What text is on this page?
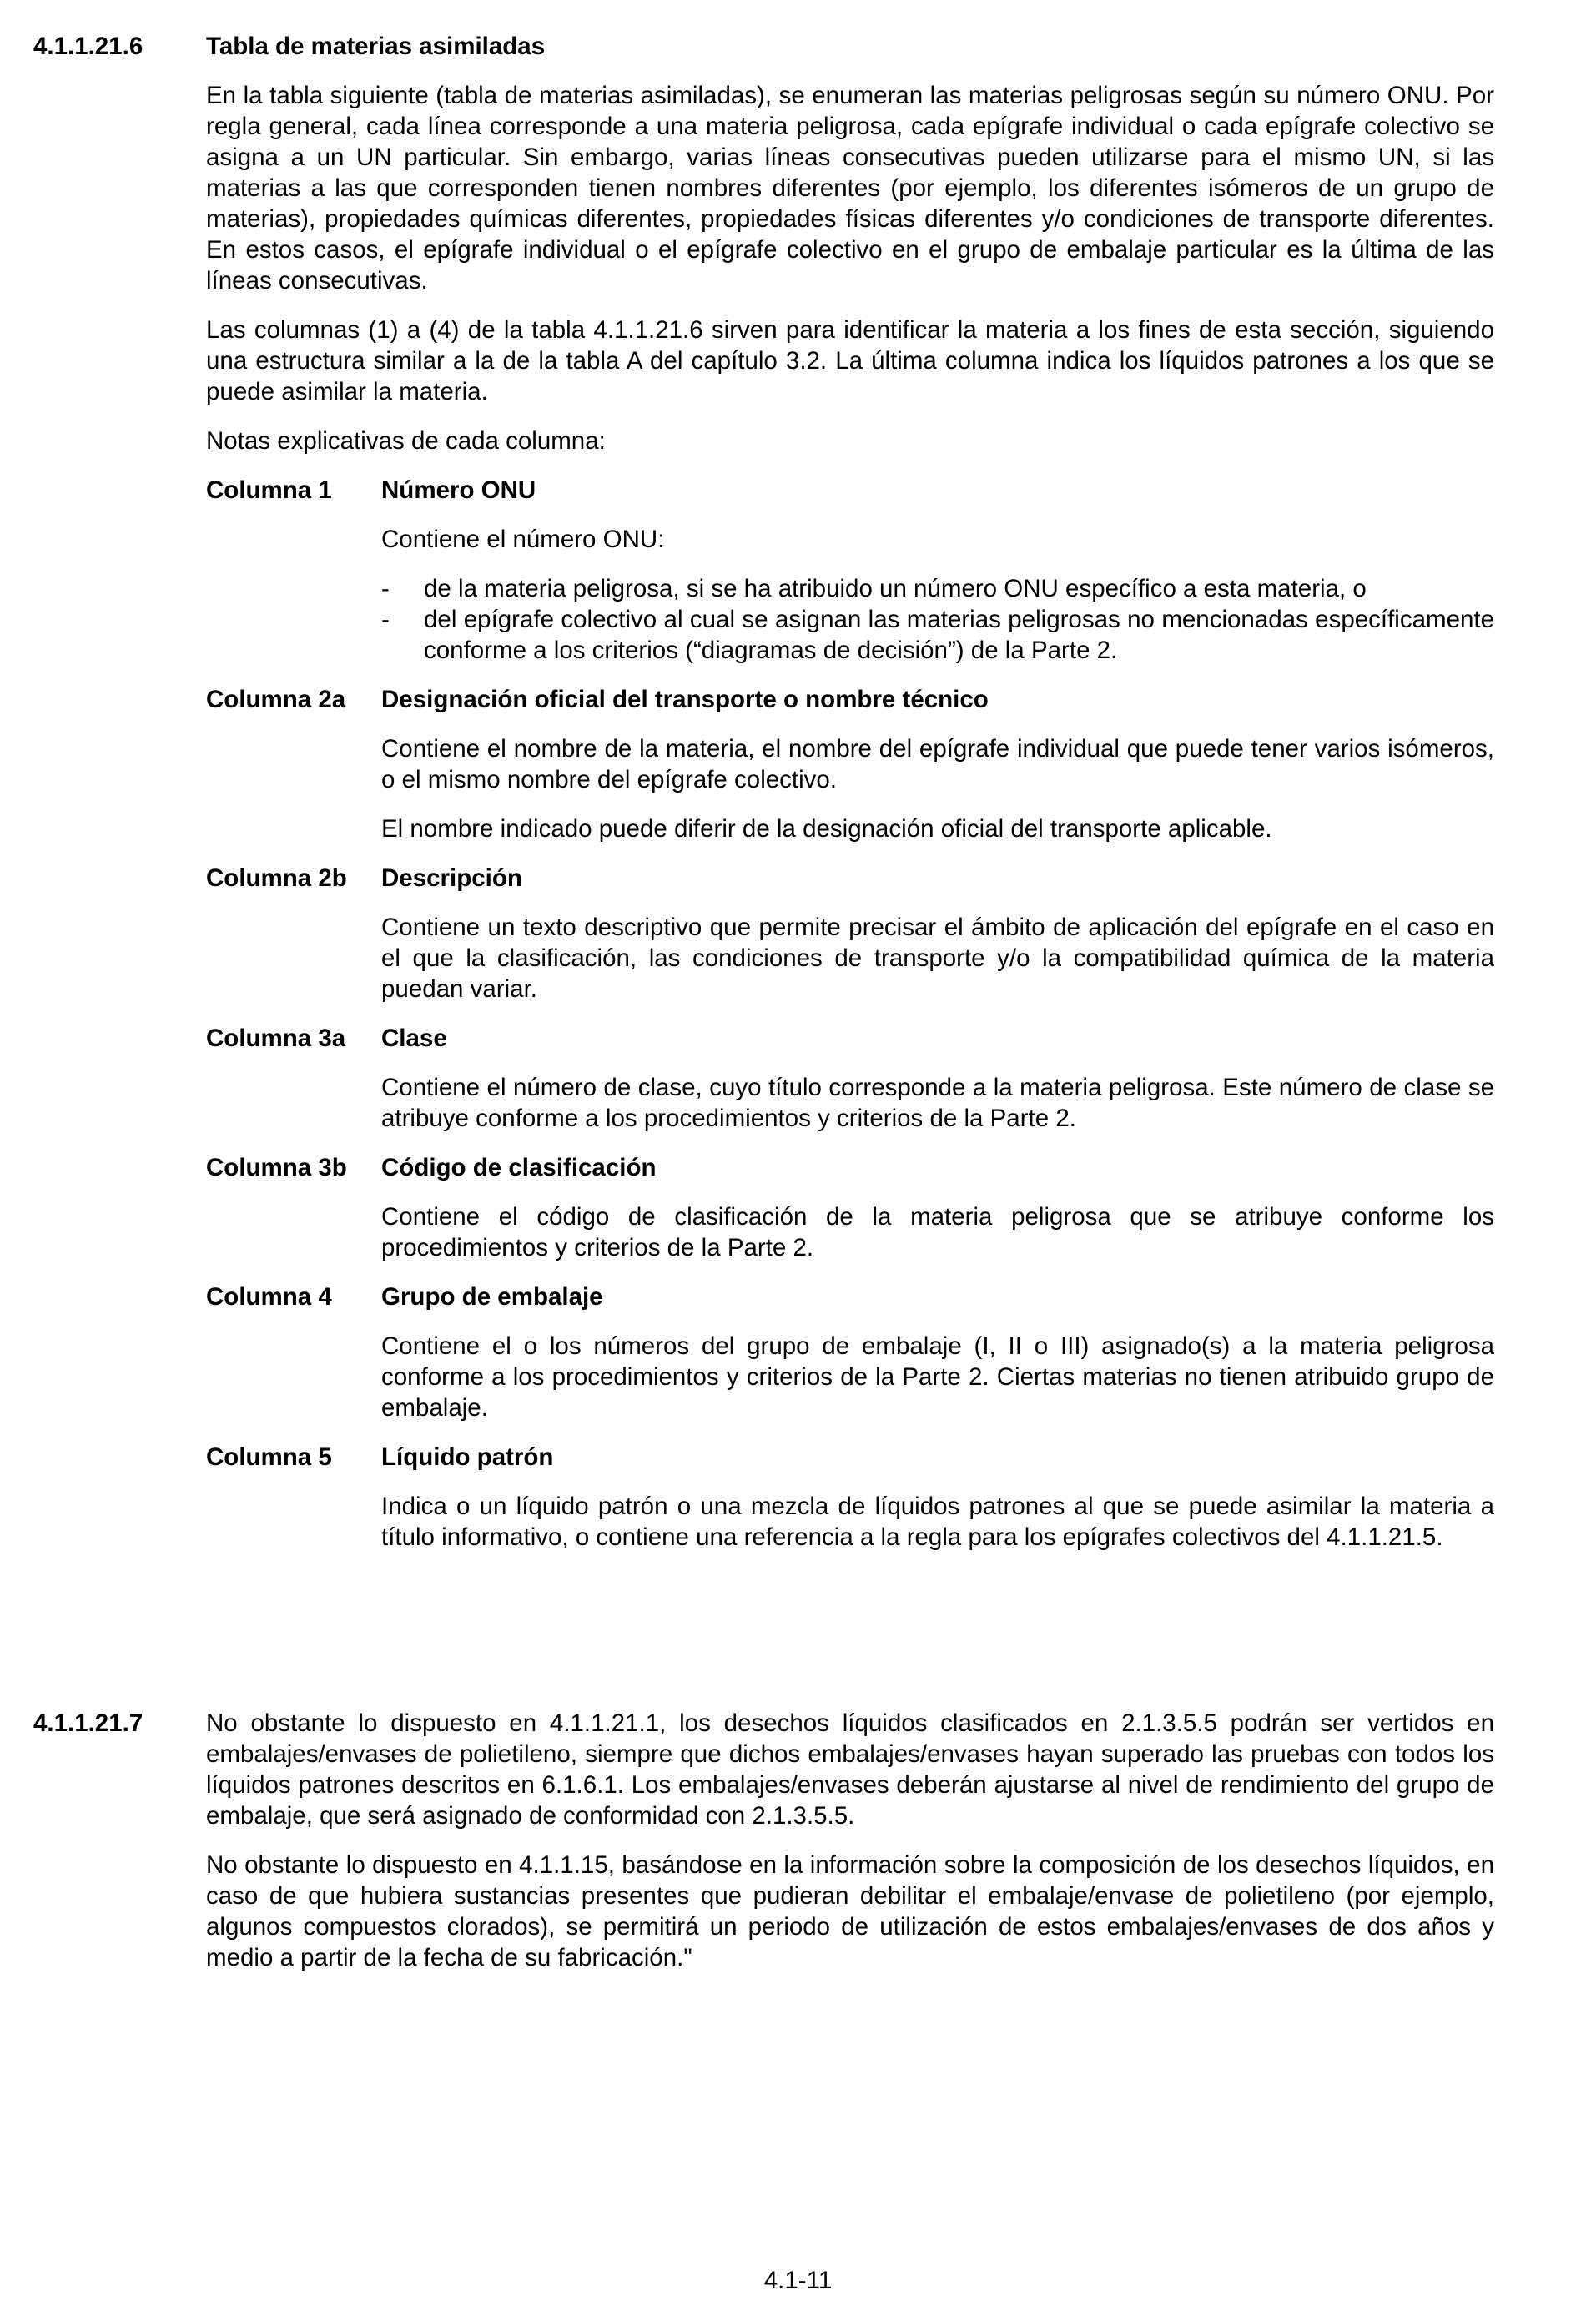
4.1.1.21.6	Tabla de materias asimiladas

En la tabla siguiente (tabla de materias asimiladas), se enumeran las materias peligrosas según su número ONU. Por regla general, cada línea corresponde a una materia peligrosa, cada epígrafe individual o cada epígrafe colectivo se asigna a un UN particular. Sin embargo, varias líneas consecutivas pueden utilizarse para el mismo UN, si las materias a las que corresponden tienen nombres diferentes (por ejemplo, los diferentes isómeros de un grupo de materias), propiedades químicas diferentes, propiedades físicas diferentes y/o condiciones de transporte diferentes. En estos casos, el epígrafe individual o el epígrafe colectivo en el grupo de embalaje particular es la última de las líneas consecutivas.

Las columnas (1) a (4) de la tabla 4.1.1.21.6 sirven para identificar la materia a los fines de esta sección, siguiendo una estructura similar a la de la tabla A del capítulo 3.2. La última columna indica los líquidos patrones a los que se puede asimilar la materia.

Notas explicativas de cada columna:

Columna 1	Número ONU

Contiene el número ONU:

- de la materia peligrosa, si se ha atribuido un número ONU específico a esta materia, o
- del epígrafe colectivo al cual se asignan las materias peligrosas no mencionadas específicamente conforme a los criterios (“diagramas de decisión”) de la Parte 2.
Columna 2a	Designación oficial del transporte o nombre técnico

Contiene el nombre de la materia, el nombre del epígrafe individual que puede tener varios isómeros, o el mismo nombre del epígrafe colectivo.

El nombre indicado puede diferir de la designación oficial del transporte aplicable.

Columna 2b	Descripción

Contiene un texto descriptivo que permite precisar el ámbito de aplicación del epígrafe en el caso en el que la clasificación, las condiciones de transporte y/o la compatibilidad química de la materia puedan variar.

Columna 3a	Clase

Contiene el número de clase, cuyo título corresponde a la materia peligrosa. Este número de clase se atribuye conforme a los procedimientos y criterios de la Parte 2.

Columna 3b	Código de clasificación

Contiene el código de clasificación de la materia peligrosa que se atribuye conforme los procedimientos y criterios de la Parte 2.

Columna 4	Grupo de embalaje

Contiene el o los números del grupo de embalaje (I, II o III) asignado(s) a la materia peligrosa conforme a los procedimientos y criterios de la Parte 2. Ciertas materias no tienen atribuido grupo de embalaje.

Columna 5	Líquido patrón

Indica o un líquido patrón o una mezcla de líquidos patrones al que se puede asimilar la materia a título informativo, o contiene una referencia a la regla para los epígrafes colectivos del 4.1.1.21.5.

4.1.1.21.7	No obstante lo dispuesto en 4.1.1.21.1, los desechos líquidos clasificados en 2.1.3.5.5 podrán ser vertidos en embalajes/envases de polietileno, siempre que dichos embalajes/envases hayan superado las pruebas con todos los líquidos patrones descritos en 6.1.6.1. Los embalajes/envases deberán ajustarse al nivel de rendimiento del grupo de embalaje, que será asignado de conformidad con 2.1.3.5.5.

No obstante lo dispuesto en 4.1.1.15, basándose en la información sobre la composición de los desechos líquidos, en caso de que hubiera sustancias presentes que pudieran debilitar el embalaje/envase de polietileno (por ejemplo, algunos compuestos clorados), se permitirá un periodo de utilización de estos embalajes/envases de dos años y medio a partir de la fecha de su fabricación."

4.1-11
